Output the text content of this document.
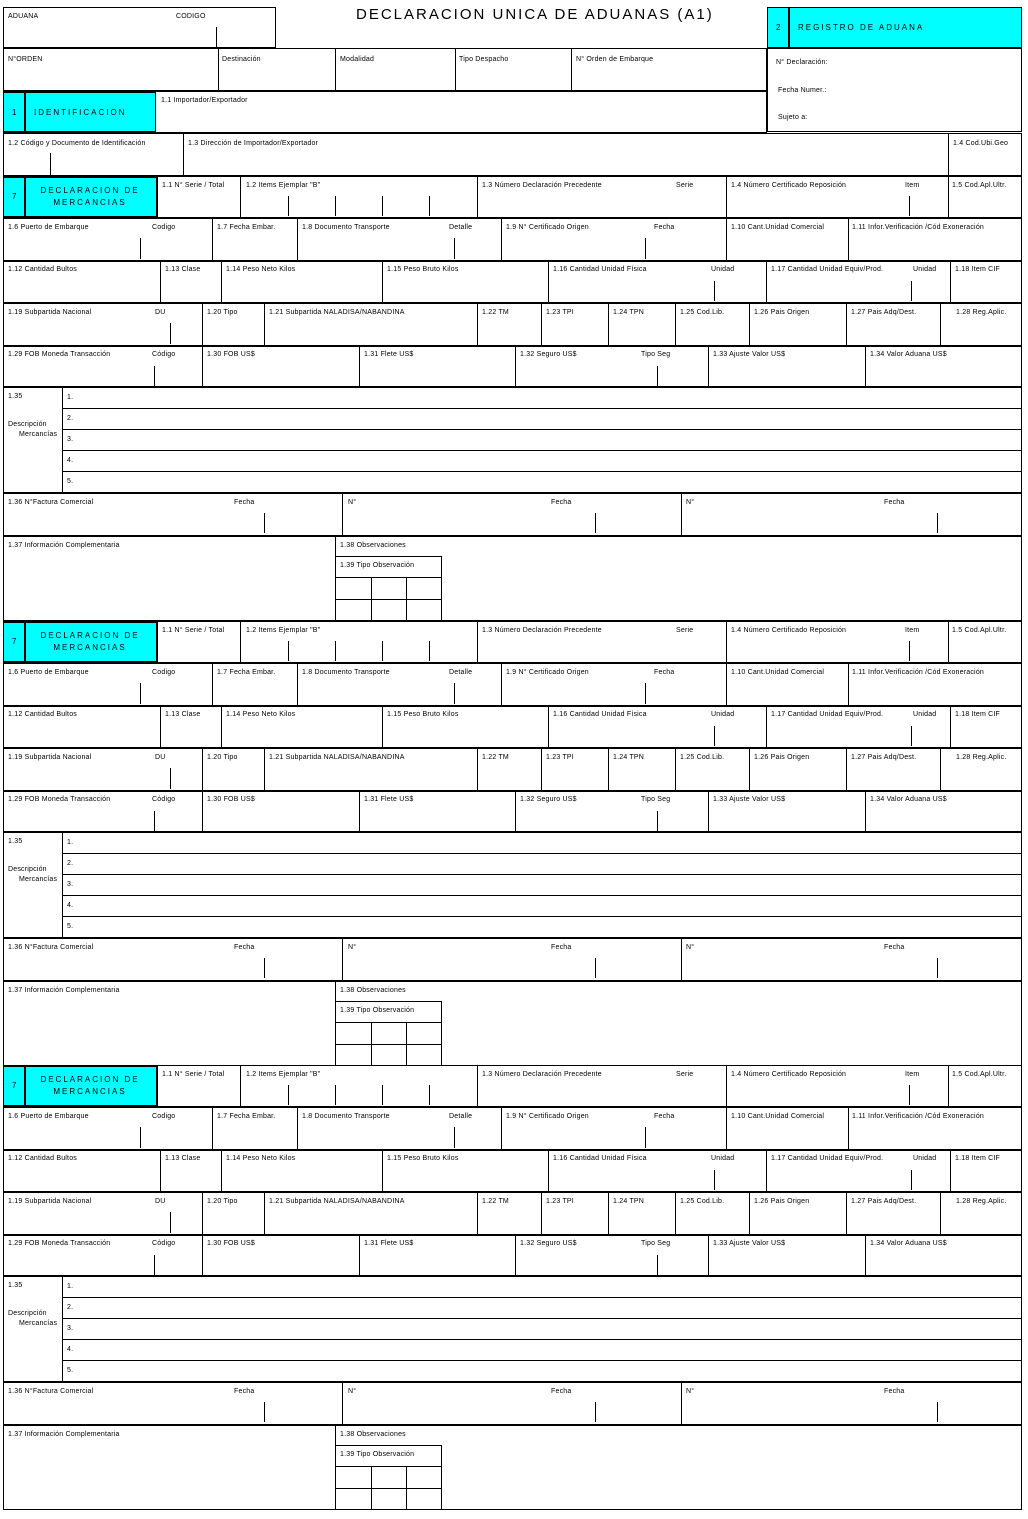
DECLARACION UNICA DE ADUANAS (A1)
ADUANA	CODIGO
2 REGISTRO DE ADUANA
N° Declaración:
Fecha Numer.:
Sujeto a:
N°ORDEN	Destinación	Modalidad	Tipo Despacho	N° Orden de Embarque
1 IDENTIFICACION
1.1 Importador/Exportador
1.2 Código y Documento de Identificación	1.3 Dirección de Importador/Exportador	1.4 Cod.Ubi.Geo
7
DECLARACION DE MERCANCIAS
1.1 N° Serie / Total	1.2 Items Ejemplar "B"	1.3 Número Declaración Precedente	Serie	1.4 Número Certificado Reposición	Item	1.5 Cod.Apl.Ultr.
1.6 Puerto de Embarque	Codigo	1.7 Fecha Embar.	1.8 Documento Transporte	Detalle	1.9 N° Certificado Origen	Fecha	1.10 Cant.Unidad Comercial	1.11 Infor.Verificación /Cód Exoneración
1.12 Cantidad Bultos	1.13 Clase	1.14 Peso Neto Kilos	1.15 Peso Bruto Kilos	1.16 Cantidad Unidad Física	Unidad	1.17 Cantidad Unidad Equiv/Prod.	Unidad	1.18 Item CIF
1.19 Subpartida Nacional	DU	1.20 Tipo	1.21 Subpartida NALADISA/NABANDINA	1.22 TM	1.23 TPI	1.24 TPN	1.25 Cod.Lib.	1.26 Pais Origen	1.27 Pais Adq/Dest.	1.28 Reg.Aplic.
1.29 FOB Moneda Transacción	Código	1.30 FOB US$	1.31 Flete US$	1.32 Seguro US$	Tipo Seg	1.33 Ajuste Valor US$	1.34 Valor Aduana US$
1.35
Descripción
Mercancías
1.
2.
3.
4.
5.
1.36 N°Factura Comercial	Fecha	N°	Fecha	N°	Fecha
1.37 Información Complementaria	1.38 Observaciones
1.39 Tipo Observación
7
DECLARACION DE MERCANCIAS
1.1 N° Serie / Total	1.2 Items Ejemplar "B"	1.3 Número Declaración Precedente	Serie	1.4 Número Certificado Reposición	Item	1.5 Cod.Apl.Ultr.
1.6 Puerto de Embarque	Codigo	1.7 Fecha Embar.	1.8 Documento Transporte	Detalle	1.9 N° Certificado Origen	Fecha	1.10 Cant.Unidad Comercial	1.11 Infor.Verificación /Cód Exoneración
1.12 Cantidad Bultos	1.13 Clase	1.14 Peso Neto Kilos	1.15 Peso Bruto Kilos	1.16 Cantidad Unidad Física	Unidad	1.17 Cantidad Unidad Equiv/Prod.	Unidad	1.18 Item CIF
1.19 Subpartida Nacional	DU	1.20 Tipo	1.21 Subpartida NALADISA/NABANDINA	1.22 TM	1.23 TPI	1.24 TPN	1.25 Cod.Lib.	1.26 Pais Origen	1.27 Pais Adq/Dest.	1.28 Reg.Aplic.
1.29 FOB Moneda Transacción	Código	1.30 FOB US$	1.31 Flete US$	1.32 Seguro US$	Tipo Seg	1.33 Ajuste Valor US$	1.34 Valor Aduana US$
1.35
Descripción
Mercancías
1.
2.
3.
4.
5.
1.36 N°Factura Comercial	Fecha	N°	Fecha	N°	Fecha
1.37 Información Complementaria	1.38 Observaciones
1.39 Tipo Observación
7
DECLARACION DE MERCANCIAS
1.1 N° Serie / Total	1.2 Items Ejemplar "B"	1.3 Número Declaración Precedente	Serie	1.4 Número Certificado Reposición	Item	1.5 Cod.Apl.Ultr.
1.6 Puerto de Embarque	Codigo	1.7 Fecha Embar.	1.8 Documento Transporte	Detalle	1.9 N° Certificado Origen	Fecha	1.10 Cant.Unidad Comercial	1.11 Infor.Verificación /Cód Exoneración
1.12 Cantidad Bultos	1.13 Clase	1.14 Peso Neto Kilos	1.15 Peso Bruto Kilos	1.16 Cantidad Unidad Física	Unidad	1.17 Cantidad Unidad Equiv/Prod.	Unidad	1.18 Item CIF
1.19 Subpartida Nacional	DU	1.20 Tipo	1.21 Subpartida NALADISA/NABANDINA	1.22 TM	1.23 TPI	1.24 TPN	1.25 Cod.Lib.	1.26 Pais Origen	1.27 Pais Adq/Dest.	1.28 Reg.Aplic.
1.29 FOB Moneda Transacción	Código	1.30 FOB US$	1.31 Flete US$	1.32 Seguro US$	Tipo Seg	1.33 Ajuste Valor US$	1.34 Valor Aduana US$
1.35
Descripción
Mercancías
1.
2.
3.
4.
5.
1.36 N°Factura Comercial	Fecha	N°	Fecha	N°	Fecha
1.37 Información Complementaria	1.38 Observaciones
1.39 Tipo Observación
